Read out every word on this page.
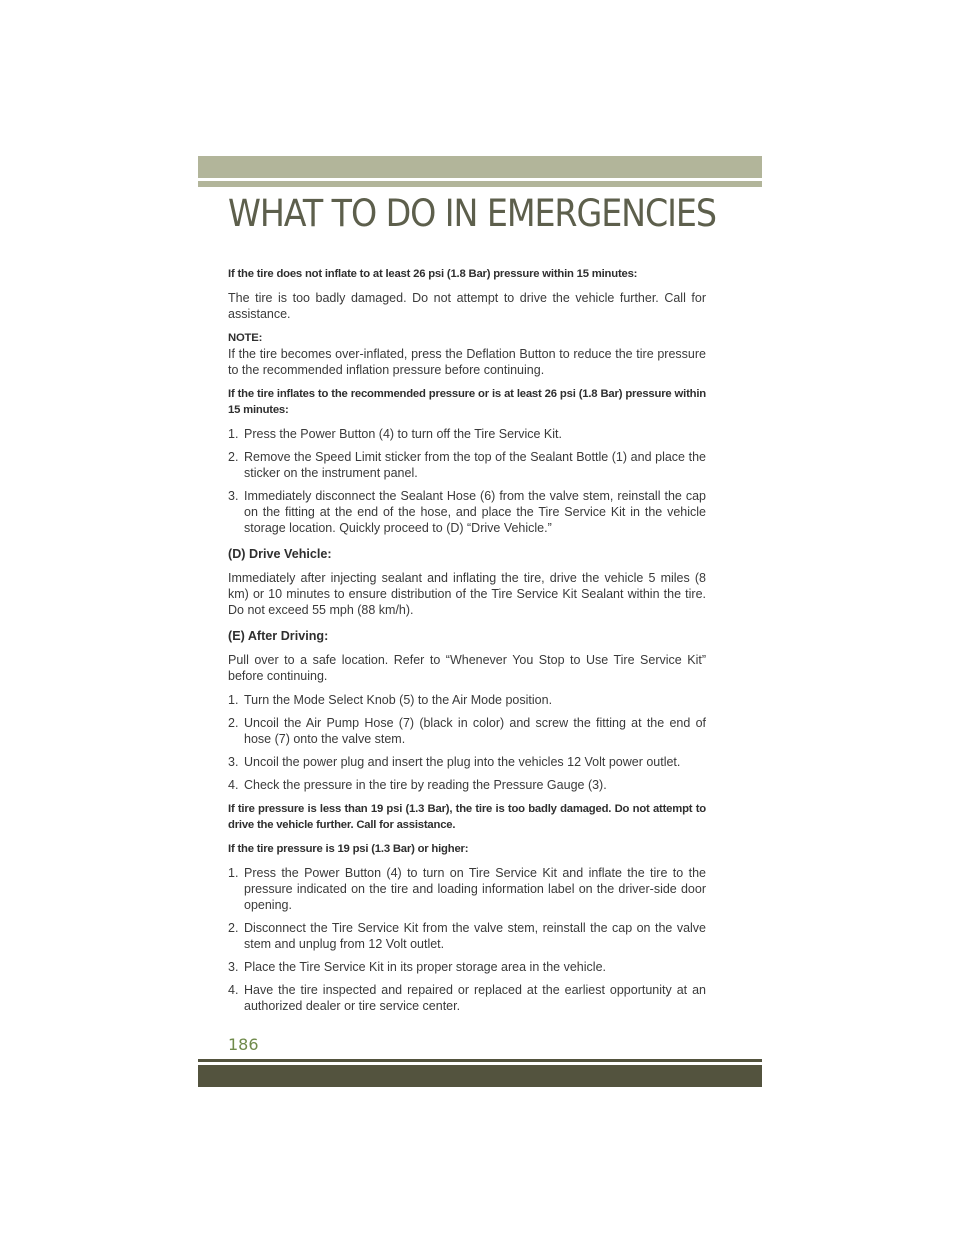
WHAT TO DO IN EMERGENCIES

If the tire does not inflate to at least 26 psi (1.8 Bar) pressure within 15 minutes:

The tire is too badly damaged. Do not attempt to drive the vehicle further. Call for assistance.

NOTE:
If the tire becomes over-inflated, press the Deflation Button to reduce the tire pressure to the recommended inflation pressure before continuing.

If the tire inflates to the recommended pressure or is at least 26 psi (1.8 Bar) pressure within 15 minutes:

1. Press the Power Button (4) to turn off the Tire Service Kit.
2. Remove the Speed Limit sticker from the top of the Sealant Bottle (1) and place the sticker on the instrument panel.
3. Immediately disconnect the Sealant Hose (6) from the valve stem, reinstall the cap on the fitting at the end of the hose, and place the Tire Service Kit in the vehicle storage location. Quickly proceed to (D) “Drive Vehicle.”
(D) Drive Vehicle:

Immediately after injecting sealant and inflating the tire, drive the vehicle 5 miles (8 km) or 10 minutes to ensure distribution of the Tire Service Kit Sealant within the tire. Do not exceed 55 mph (88 km/h).

(E) After Driving:

Pull over to a safe location. Refer to “Whenever You Stop to Use Tire Service Kit” before continuing.

1. Turn the Mode Select Knob (5) to the Air Mode position.
2. Uncoil the Air Pump Hose (7) (black in color) and screw the fitting at the end of hose (7) onto the valve stem.
3. Uncoil the power plug and insert the plug into the vehicles 12 Volt power outlet.
4. Check the pressure in the tire by reading the Pressure Gauge (3).

If tire pressure is less than 19 psi (1.3 Bar), the tire is too badly damaged. Do not attempt to drive the vehicle further. Call for assistance.

If the tire pressure is 19 psi (1.3 Bar) or higher:

1. Press the Power Button (4) to turn on Tire Service Kit and inflate the tire to the pressure indicated on the tire and loading information label on the driver-side door opening.
2. Disconnect the Tire Service Kit from the valve stem, reinstall the cap on the valve stem and unplug from 12 Volt outlet.
3. Place the Tire Service Kit in its proper storage area in the vehicle.
4. Have the tire inspected and repaired or replaced at the earliest opportunity at an authorized dealer or tire service center.

186
